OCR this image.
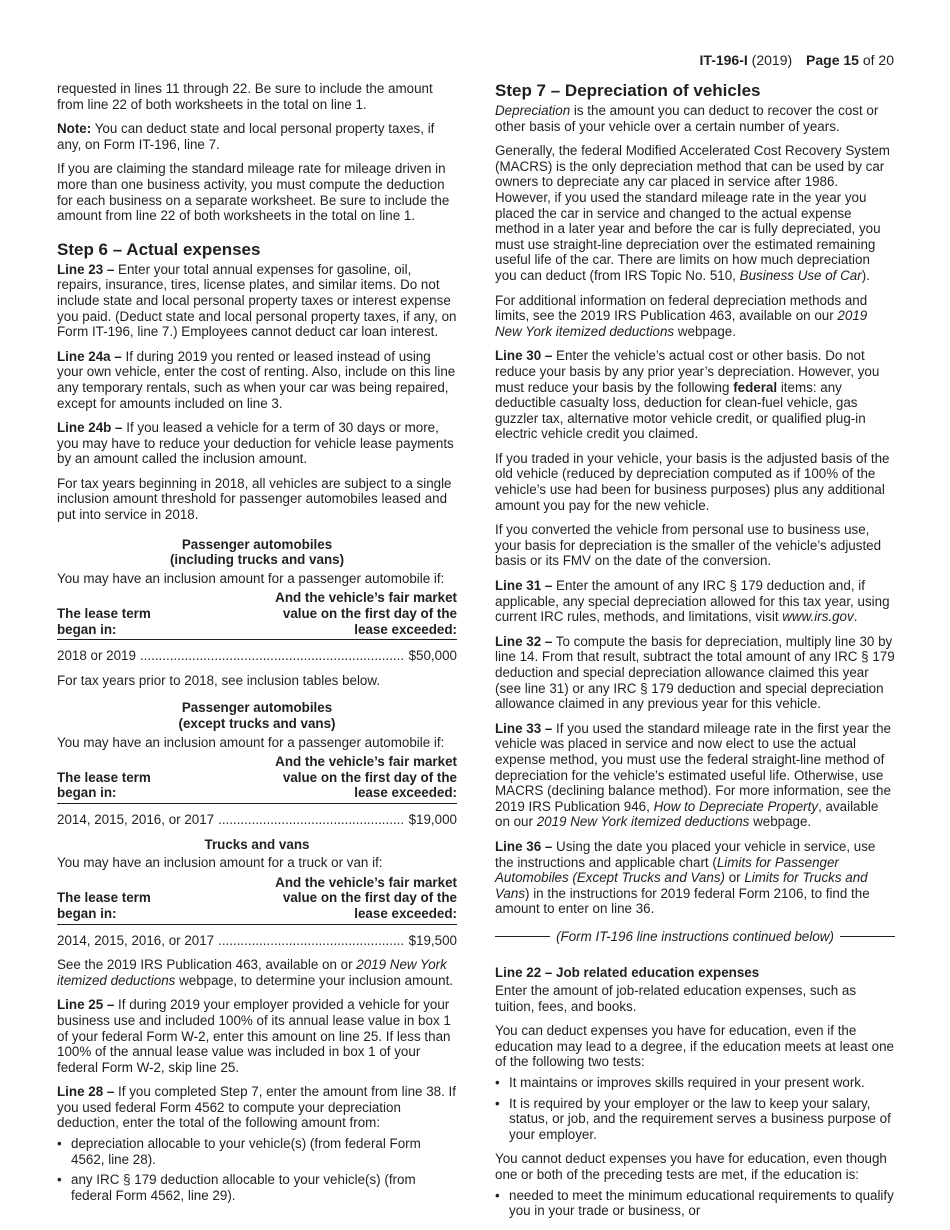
IT-196-I (2019) Page 15 of 20

requested in lines 11 through 22. Be sure to include the amount from line 22 of both worksheets in the total on line 1.

Note: You can deduct state and local personal property taxes, if any, on Form IT-196, line 7.

If you are claiming the standard mileage rate for mileage driven in more than one business activity, you must compute the deduction for each business on a separate worksheet. Be sure to include the amount from line 22 of both worksheets in the total on line 1.

Step 6 – Actual expenses

Line 23 – Enter your total annual expenses for gasoline, oil, repairs, insurance, tires, license plates, and similar items. Do not include state and local personal property taxes or interest expense you paid. (Deduct state and local personal property taxes, if any, on Form IT-196, line 7.) Employees cannot deduct car loan interest.

Line 24a – If during 2019 you rented or leased instead of using your own vehicle, enter the cost of renting. Also, include on this line any temporary rentals, such as when your car was being repaired, except for amounts included on line 3.

Line 24b – If you leased a vehicle for a term of 30 days or more, you may have to reduce your deduction for vehicle lease payments by an amount called the inclusion amount.

For tax years beginning in 2018, all vehicles are subject to a single inclusion amount threshold for passenger automobiles leased and put into service in 2018.

Passenger automobiles
(including trucks and vans)

You may have an inclusion amount for a passenger automobile if:

The lease term
began in:
And the vehicle’s fair market
value on the first day of the
lease exceeded:
2018 or 2019 .....	$50,000

For tax years prior to 2018, see inclusion tables below.

Passenger automobiles
(except trucks and vans)

You may have an inclusion amount for a passenger automobile if:

The lease term
began in:
And the vehicle’s fair market
value on the first day of the
lease exceeded:
2014, 2015, 2016, or 2017 .....	$19,000
Trucks and vans

You may have an inclusion amount for a truck or van if:

The lease term
began in:
And the vehicle’s fair market
value on the first day of the
lease exceeded:
2014, 2015, 2016, or 2017 .....	$19,500

See the 2019 IRS Publication 463, available on or 2019 New York itemized deductions webpage, to determine your inclusion amount.

Line 25 – If during 2019 your employer provided a vehicle for your business use and included 100% of its annual lease value in box 1 of your federal Form W-2, enter this amount on line 25. If less than 100% of the annual lease value was included in box 1 of your federal Form W-2, skip line 25.

Line 28 – If you completed Step 7, enter the amount from line 38. If you used federal Form 4562 to compute your depreciation deduction, enter the total of the following amount from:

• depreciation allocable to your vehicle(s) (from federal Form 4562, line 28).
• any IRC § 179 deduction allocable to your vehicle(s) (from federal Form 4562, line 29).
Step 7 – Depreciation of vehicles

Depreciation is the amount you can deduct to recover the cost or other basis of your vehicle over a certain number of years.

Generally, the federal Modified Accelerated Cost Recovery System (MACRS) is the only depreciation method that can be used by car owners to depreciate any car placed in service after 1986. However, if you used the standard mileage rate in the year you placed the car in service and changed to the actual expense method in a later year and before the car is fully depreciated, you must use straight-line depreciation over the estimated remaining useful life of the car. There are limits on how much depreciation you can deduct (from IRS Topic No. 510, Business Use of Car).

For additional information on federal depreciation methods and limits, see the 2019 IRS Publication 463, available on our 2019 New York itemized deductions webpage.

Line 30 – Enter the vehicle’s actual cost or other basis. Do not reduce your basis by any prior year’s depreciation. However, you must reduce your basis by the following federal items: any deductible casualty loss, deduction for clean-fuel vehicle, gas guzzler tax, alternative motor vehicle credit, or qualified plug-in electric vehicle credit you claimed.

If you traded in your vehicle, your basis is the adjusted basis of the old vehicle (reduced by depreciation computed as if 100% of the vehicle’s use had been for business purposes) plus any additional amount you pay for the new vehicle.

If you converted the vehicle from personal use to business use, your basis for depreciation is the smaller of the vehicle’s adjusted basis or its FMV on the date of the conversion.

Line 31 – Enter the amount of any IRC § 179 deduction and, if applicable, any special depreciation allowed for this tax year, using current IRC rules, methods, and limitations, visit www.irs.gov.

Line 32 – To compute the basis for depreciation, multiply line 30 by line 14. From that result, subtract the total amount of any IRC § 179 deduction and special depreciation allowance claimed this year (see line 31) or any IRC § 179 deduction and special depreciation allowance claimed in any previous year for this vehicle.

Line 33 – If you used the standard mileage rate in the first year the vehicle was placed in service and now elect to use the actual expense method, you must use the federal straight-line method of depreciation for the vehicle’s estimated useful life. Otherwise, use MACRS (declining balance method). For more information, see the 2019 IRS Publication 946, How to Depreciate Property, available on our 2019 New York itemized deductions webpage.

Line 36 – Using the date you placed your vehicle in service, use the instructions and applicable chart (Limits for Passenger Automobiles (Except Trucks and Vans) or Limits for Trucks and Vans) in the instructions for 2019 federal Form 2106, to find the amount to enter on line 36.

(Form IT-196 line instructions continued below)
Line 22 – Job related education expenses

Enter the amount of job-related education expenses, such as tuition, fees, and books.

You can deduct expenses you have for education, even if the education may lead to a degree, if the education meets at least one of the following two tests:

• It maintains or improves skills required in your present work.
• It is required by your employer or the law to keep your salary, status, or job, and the requirement serves a business purpose of your employer.

You cannot deduct expenses you have for education, even though one or both of the preceding tests are met, if the education is:

• needed to meet the minimum educational requirements to qualify you in your trade or business, or
